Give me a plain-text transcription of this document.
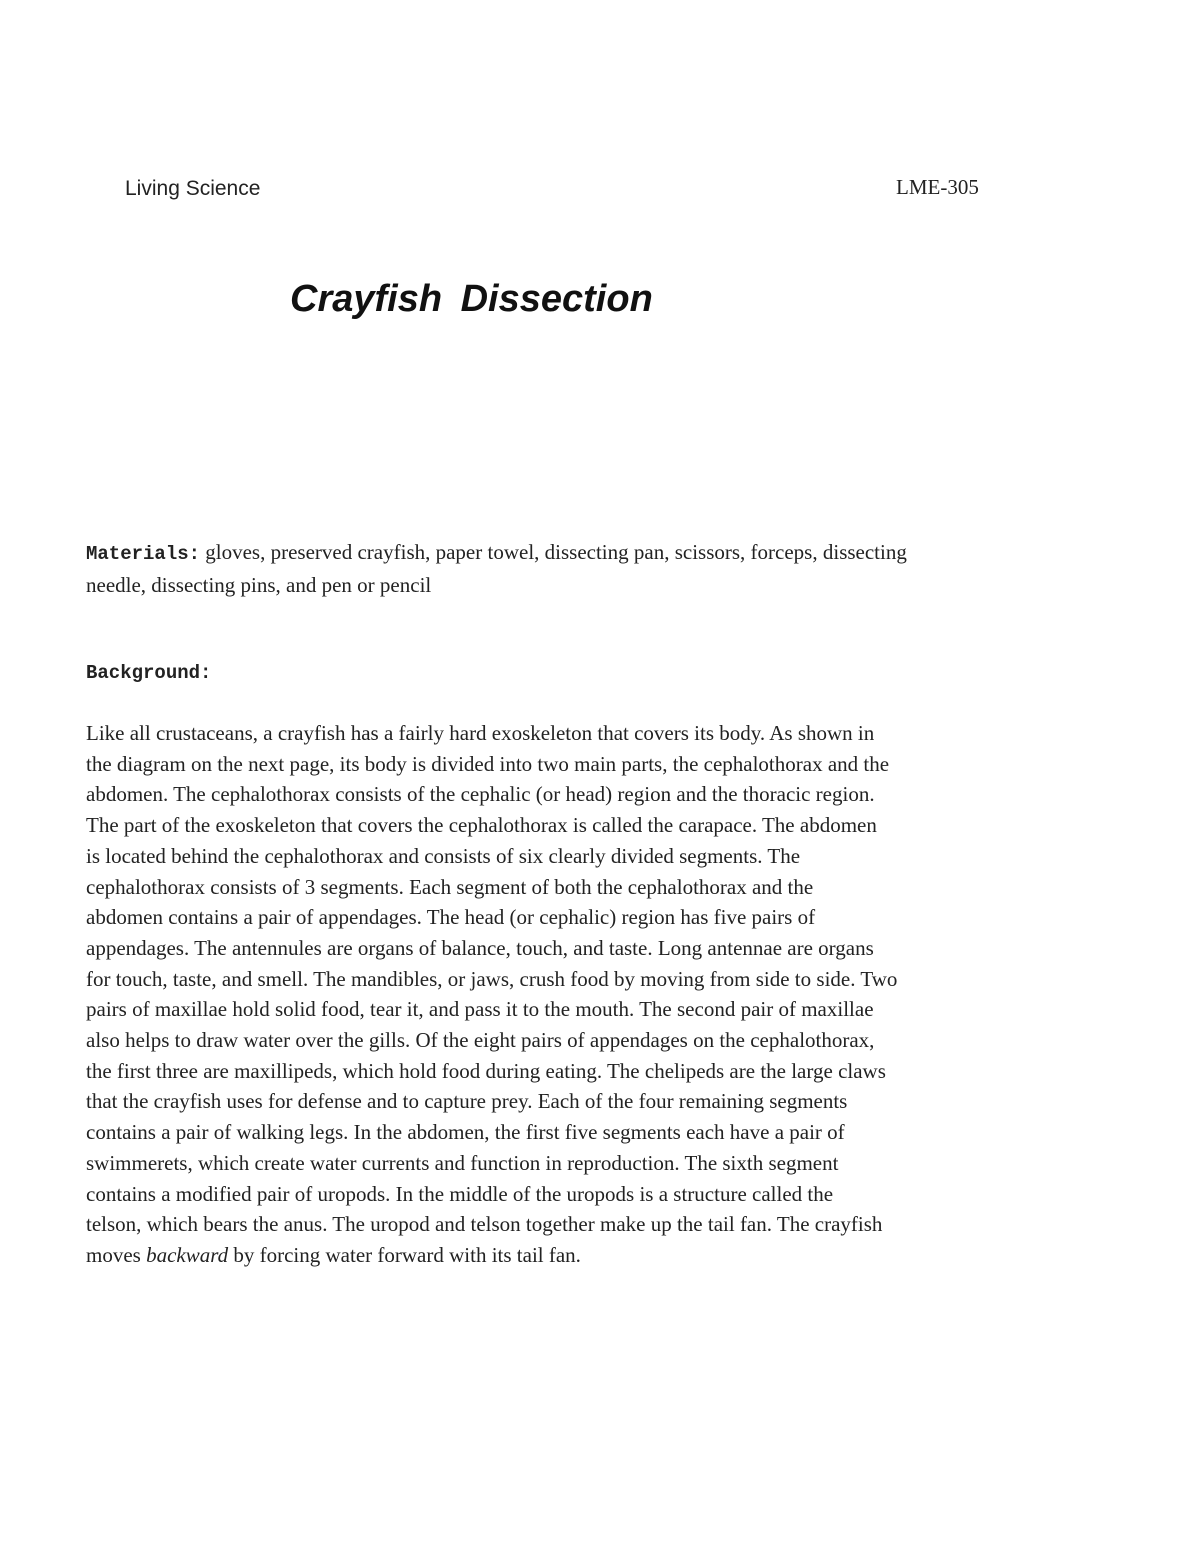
Living Science	LME-305
Crayfish Dissection
Materials: gloves, preserved crayfish, paper towel, dissecting pan, scissors, forceps, dissecting
needle, dissecting pins, and pen or pencil
Background:
Like all crustaceans, a crayfish has a fairly hard exoskeleton that covers its body. As shown in
the diagram on the next page, its body is divided into two main parts, the cephalothorax and the
abdomen. The cephalothorax consists of the cephalic (or head) region and the thoracic region.
The part of the exoskeleton that covers the cephalothorax is called the carapace. The abdomen
is located behind the cephalothorax and consists of six clearly divided segments. The
cephalothorax consists of 3 segments. Each segment of both the cephalothorax and the
abdomen contains a pair of appendages. The head (or cephalic) region has five pairs of
appendages. The antennules are organs of balance, touch, and taste. Long antennae are organs
for touch, taste, and smell. The mandibles, or jaws, crush food by moving from side to side. Two
pairs of maxillae hold solid food, tear it, and pass it to the mouth. The second pair of maxillae
also helps to draw water over the gills. Of the eight pairs of appendages on the cephalothorax,
the first three are maxillipeds, which hold food during eating. The chelipeds are the large claws
that the crayfish uses for defense and to capture prey. Each of the four remaining segments
contains a pair of walking legs. In the abdomen, the first five segments each have a pair of
swimmerets, which create water currents and function in reproduction. The sixth segment
contains a modified pair of uropods. In the middle of the uropods is a structure called the
telson, which bears the anus. The uropod and telson together make up the tail fan. The crayfish
moves backward by forcing water forward with its tail fan.
